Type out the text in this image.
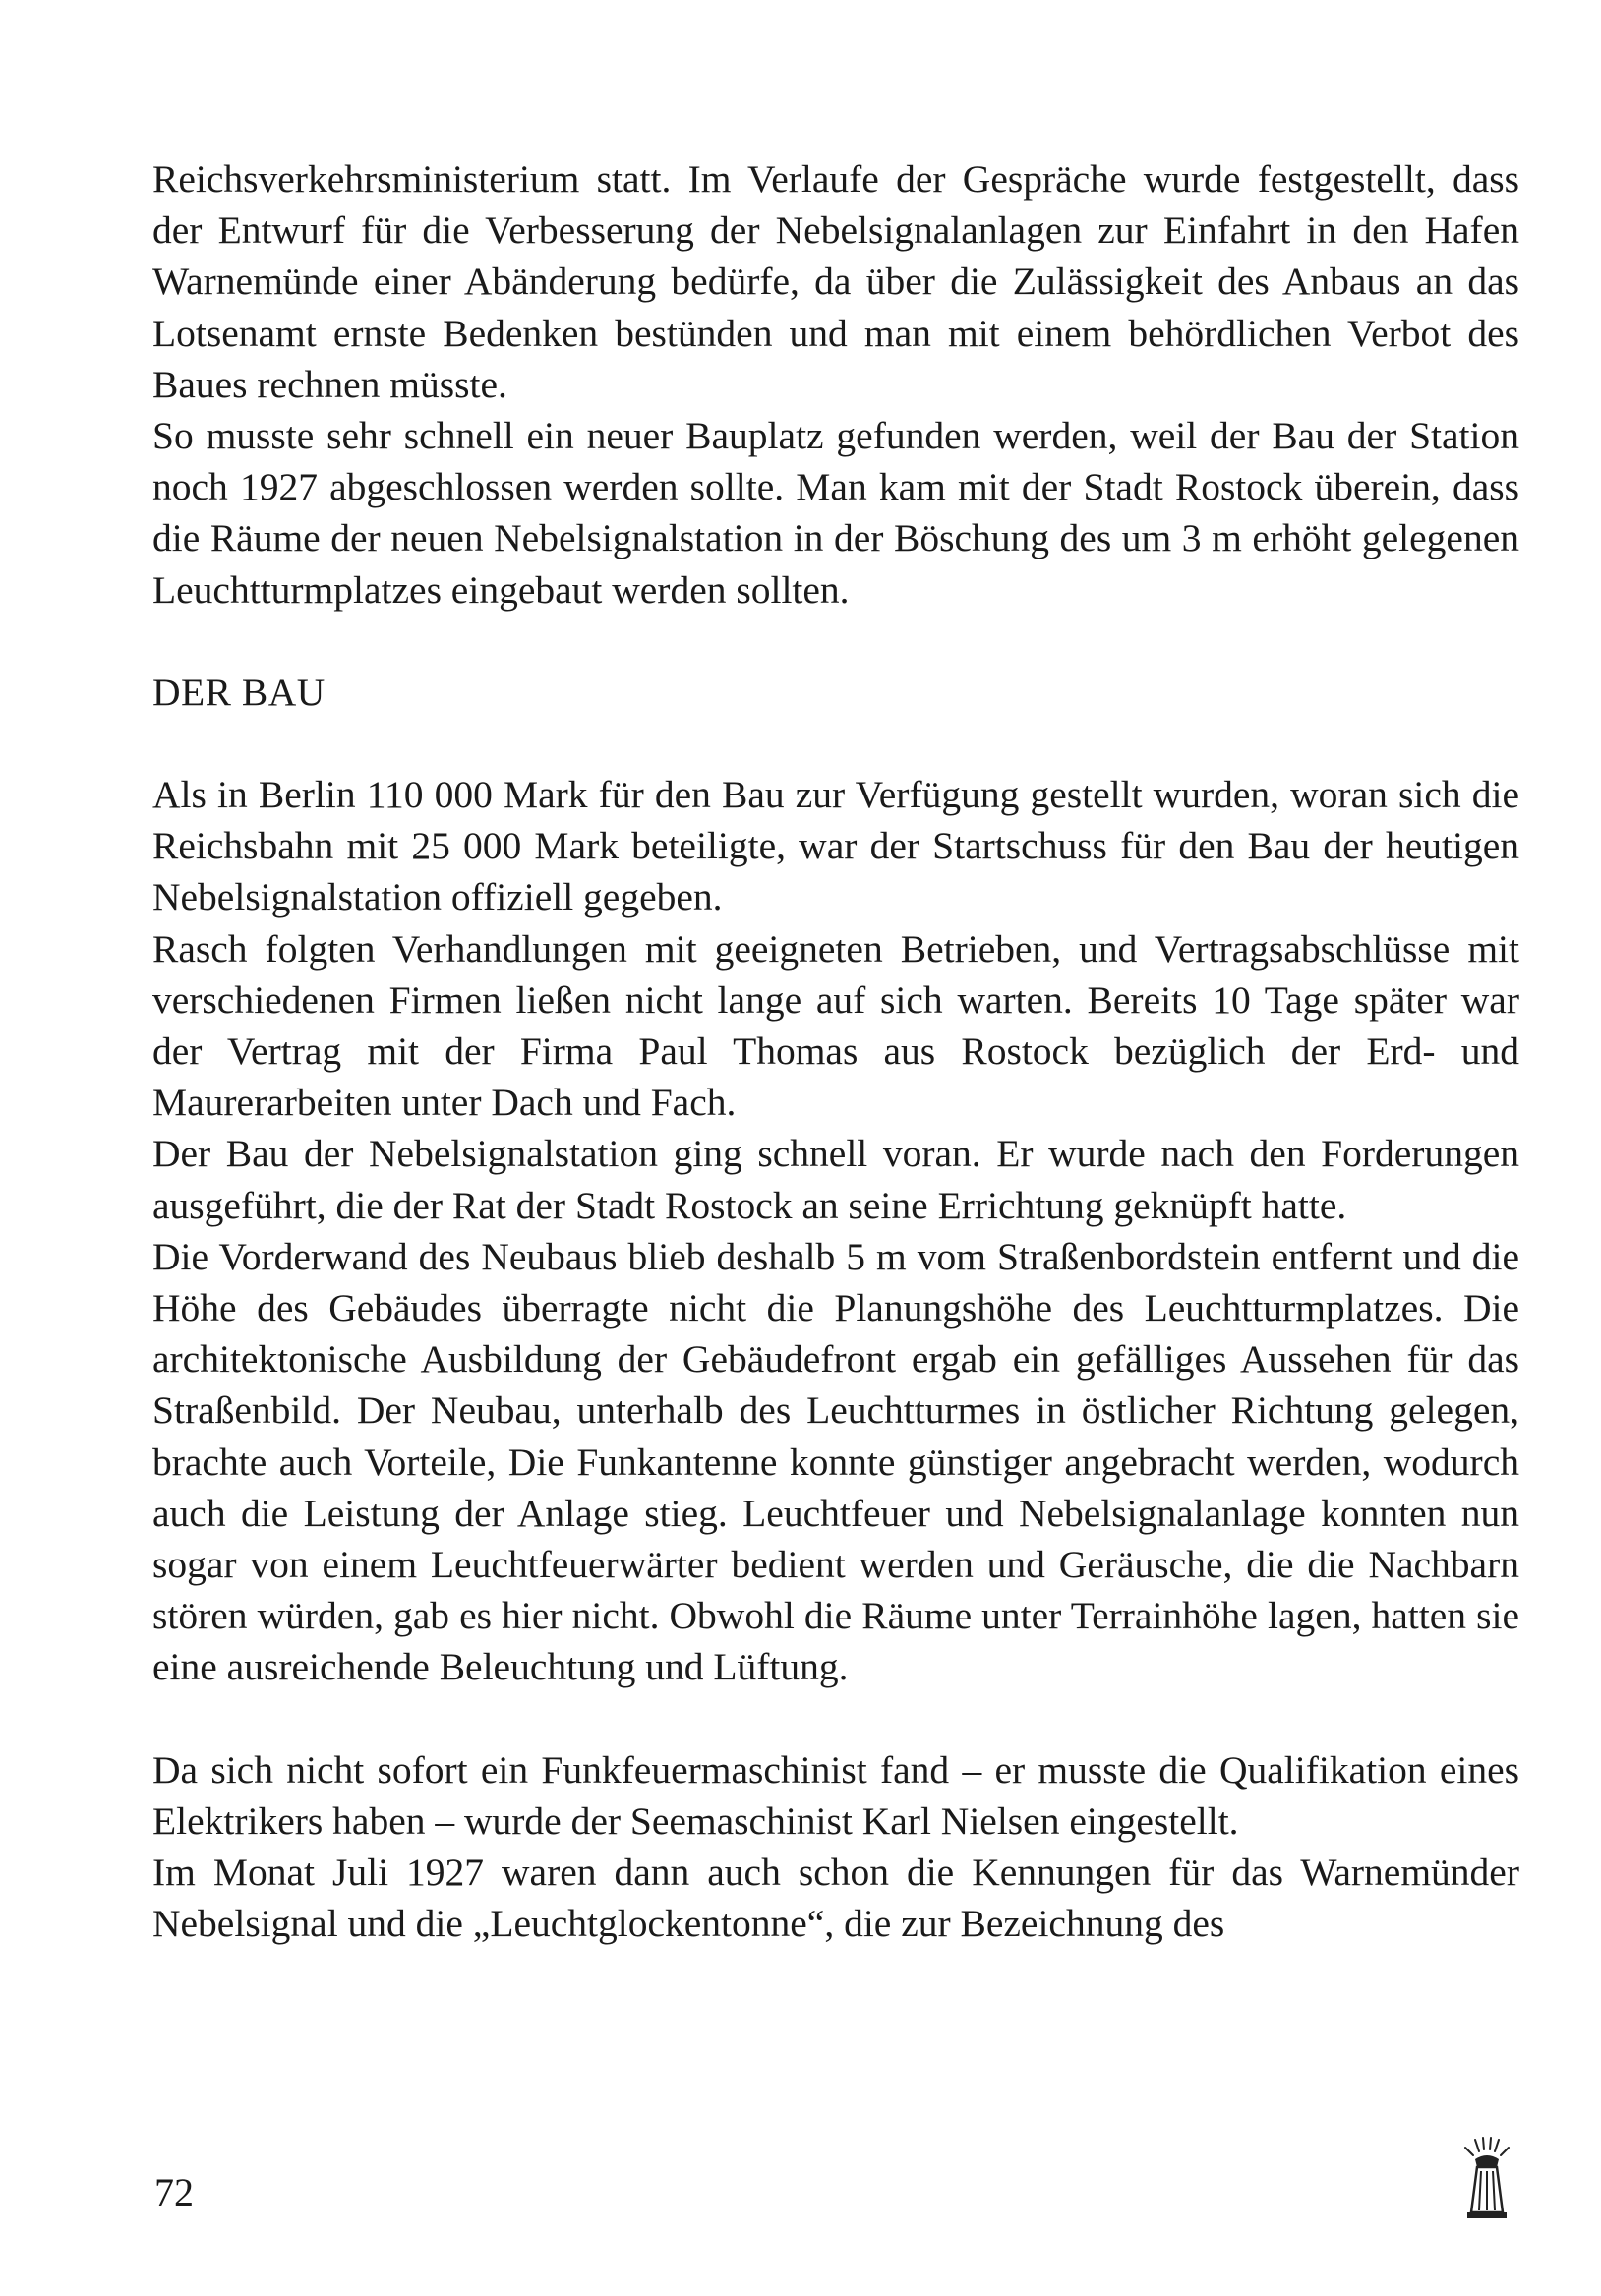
Reichsverkehrsministerium statt. Im Verlaufe der Gespräche wurde festgestellt, dass der Entwurf für die Verbesserung der Nebelsignalanlagen zur Einfahrt in den Hafen Warnemünde einer Abänderung bedürfe, da über die Zulässigkeit des Anbaus an das Lotsenamt ernste Bedenken bestünden und man mit einem behördlichen Verbot des Baues rechnen müsste.

So musste sehr schnell ein neuer Bauplatz gefunden werden, weil der Bau der Station noch 1927 abgeschlossen werden sollte. Man kam mit der Stadt Rostock überein, dass die Räume der neuen Nebelsignalstation in der Böschung des um 3 m erhöht gelegenen Leuchtturmplatzes eingebaut werden sollten.

DER BAU

Als in Berlin 110 000 Mark für den Bau zur Verfügung gestellt wurden, woran sich die Reichsbahn mit 25 000 Mark beteiligte, war der Startschuss für den Bau der heutigen Nebelsignalstation offiziell gegeben.

Rasch folgten Verhandlungen mit geeigneten Betrieben, und Vertragsabschlüsse mit verschiedenen Firmen ließen nicht lange auf sich warten. Bereits 10 Tage später war der Vertrag mit der Firma Paul Thomas aus Rostock bezüglich der Erd- und Maurerarbeiten unter Dach und Fach.

Der Bau der Nebelsignalstation ging schnell voran. Er wurde nach den Forderungen ausgeführt, die der Rat der Stadt Rostock an seine Errichtung geknüpft hatte.

Die Vorderwand des Neubaus blieb deshalb 5 m vom Straßenbordstein entfernt und die Höhe des Gebäudes überragte nicht die Planungshöhe des Leuchtturmplatzes. Die architektonische Ausbildung der Gebäudefront ergab ein gefälliges Aussehen für das Straßenbild. Der Neubau, unterhalb des Leuchtturmes in östlicher Richtung gelegen, brachte auch Vorteile, Die Funkantenne konnte günstiger angebracht werden, wodurch auch die Leistung der Anlage stieg. Leuchtfeuer und Nebelsignalanlage konnten nun sogar von einem Leuchtfeuerwärter bedient werden und Geräusche, die die Nachbarn stören würden, gab es hier nicht. Obwohl die Räume unter Terrainhöhe lagen, hatten sie eine ausreichende Beleuchtung und Lüftung.

Da sich nicht sofort ein Funkfeuermaschinist fand – er musste die Qualifikation eines Elektrikers haben – wurde der Seemaschinist Karl Nielsen eingestellt.

Im Monat Juli 1927 waren dann auch schon die Kennungen für das Warnemünder Nebelsignal und die „Leuchtglockentonne“, die zur Bezeichnung des

72
